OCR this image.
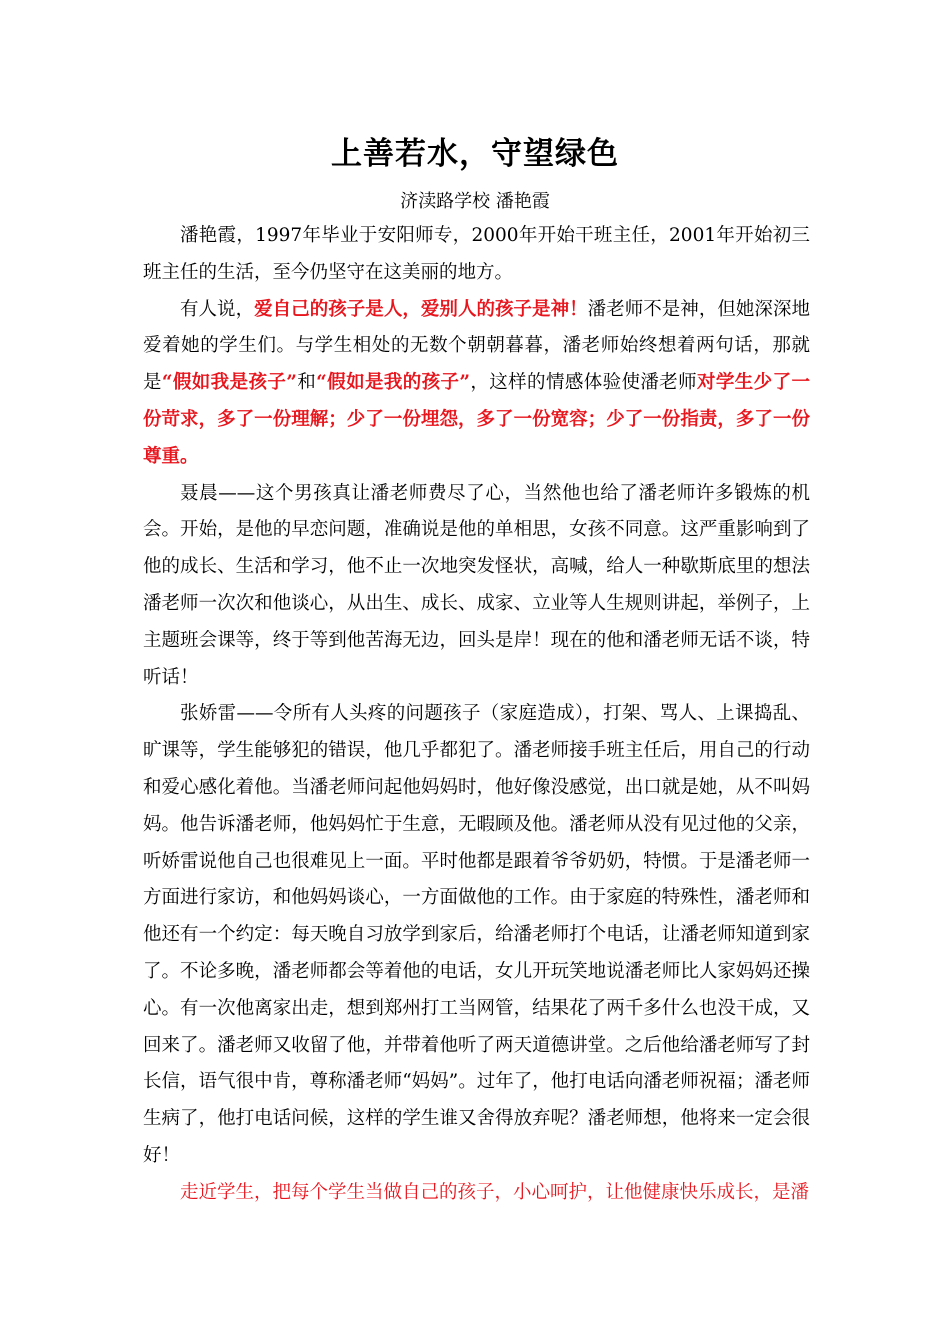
上善若水，守望绿色
济渎路学校 潘艳霞

潘艳霞，1997年毕业于安阳师专，2000年开始干班主任，2001年开始初三班主任的生活，至今仍坚守在这美丽的地方。

有人说，爱自己的孩子是人，爱别人的孩子是神！潘老师不是神，但她深深地爱着她的学生们。与学生相处的无数个朝朝暮暮，潘老师始终想着两句话，那就是“假如我是孩子”和“假如是我的孩子”，这样的情感体验使潘老师对学生少了一份苛求，多了一份理解；少了一份埋怨，多了一份宽容；少了一份指责，多了一份尊重。

聂晨——这个男孩真让潘老师费尽了心，当然他也给了潘老师许多锻炼的机会。开始，是他的早恋问题，准确说是他的单相思，女孩不同意。这严重影响到了他的成长、生活和学习，他不止一次地突发怪状，高喊，给人一种歇斯底里的想法潘老师一次次和他谈心，从出生、成长、成家、立业等人生规则讲起，举例子，上主题班会课等，终于等到他苦海无边，回头是岸！现在的他和潘老师无话不谈，特听话！

张娇雷——令所有人头疼的问题孩子（家庭造成），打架、骂人、上课捣乱、旷课等，学生能够犯的错误，他几乎都犯了。潘老师接手班主任后，用自己的行动和爱心感化着他。当潘老师问起他妈妈时，他好像没感觉，出口就是她，从不叫妈妈。他告诉潘老师，他妈妈忙于生意，无暇顾及他。潘老师从没有见过他的父亲，听娇雷说他自己也很难见上一面。平时他都是跟着爷爷奶奶，特惯。于是潘老师一方面进行家访，和他妈妈谈心，一方面做他的工作。由于家庭的特殊性，潘老师和他还有一个约定：每天晚自习放学到家后，给潘老师打个电话，让潘老师知道到家了。不论多晚，潘老师都会等着他的电话，女儿开玩笑地说潘老师比人家妈妈还操心。有一次他离家出走，想到郑州打工当网管，结果花了两千多什么也没干成，又回来了。潘老师又收留了他，并带着他听了两天道德讲堂。之后他给潘老师写了封长信，语气很中肯，尊称潘老师“妈妈”。过年了，他打电话向潘老师祝福；潘老师生病了，他打电话问候，这样的学生谁又舍得放弃呢？潘老师想，他将来一定会很好！

走近学生，把每个学生当做自己的孩子，小心呵护，让他健康快乐成长，是潘
